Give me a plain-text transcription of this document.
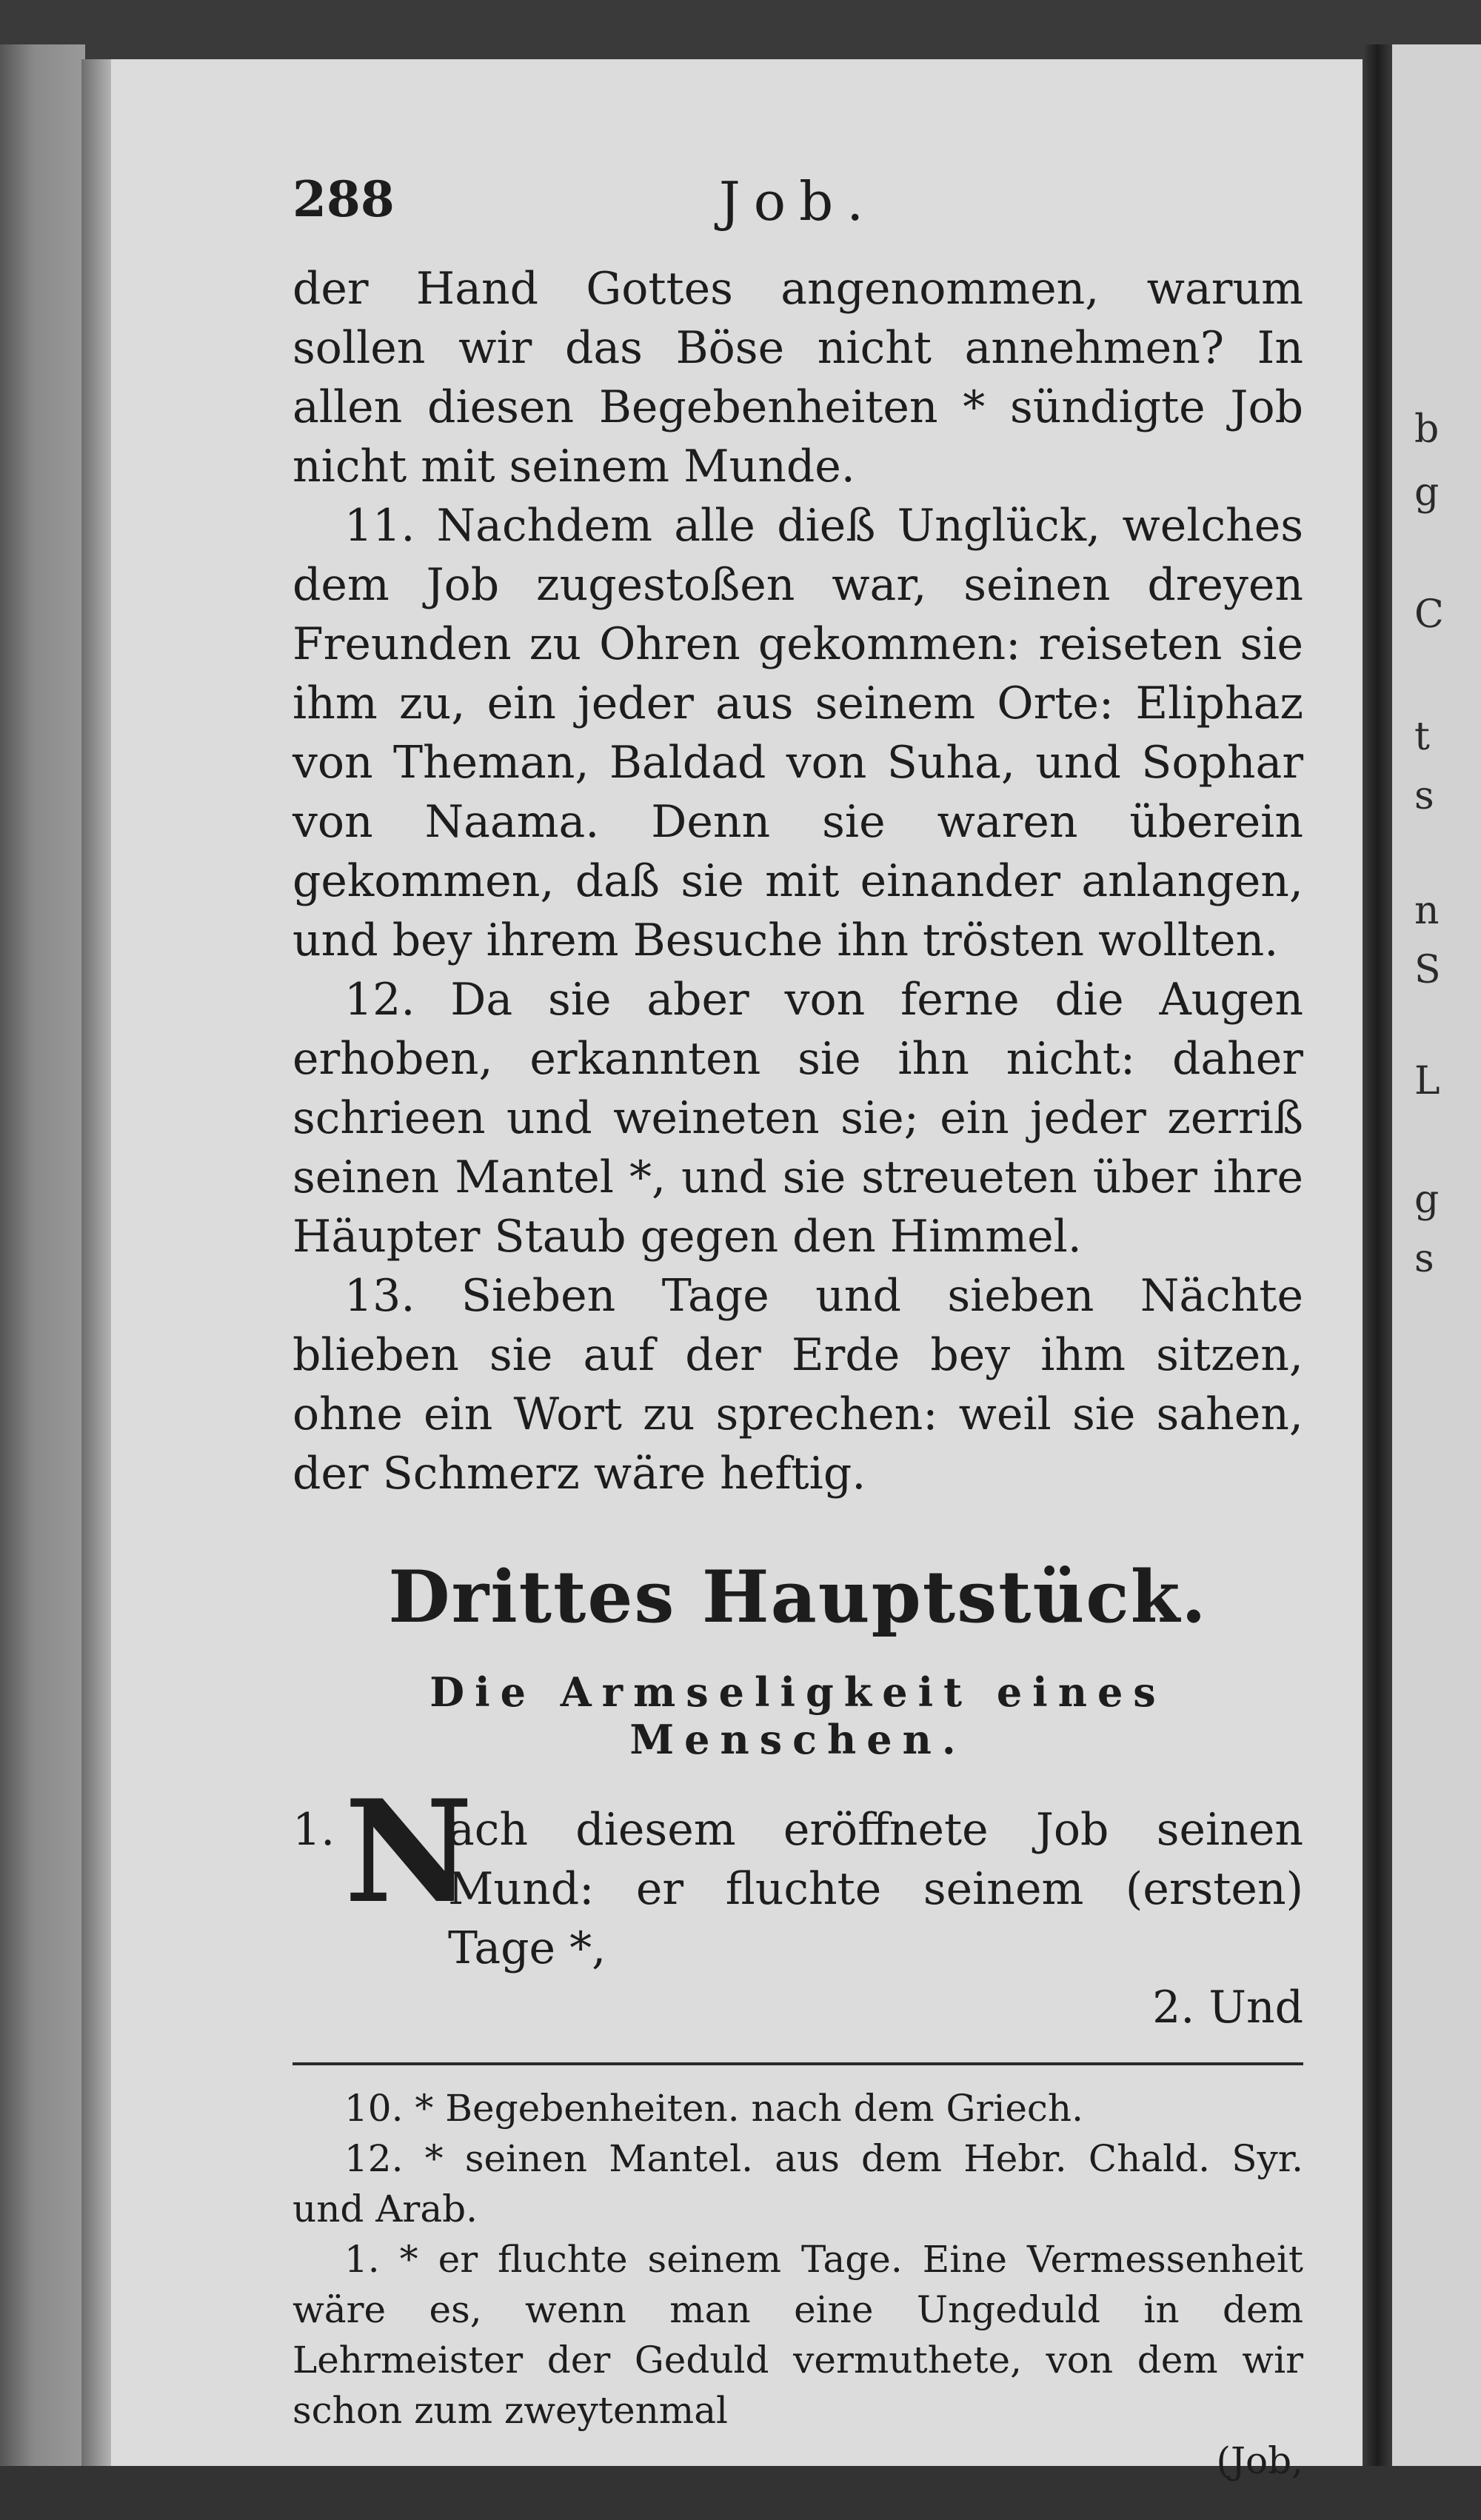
b
g
C
t
s
n
S
L
g
s
288	Job.

der Hand Gottes angenommen, warum sollen wir das Böse nicht annehmen? In allen diesen Begebenheiten * sündigte Job nicht mit seinem Munde.

11. Nachdem alle dieß Unglück, welches dem Job zugestoßen war, seinen dreyen Freunden zu Ohren gekommen: reiseten sie ihm zu, ein jeder aus seinem Orte: Eliphaz von Theman, Baldad von Suha, und Sophar von Naama. Denn sie waren überein gekommen, daß sie mit einander anlangen, und bey ihrem Besuche ihn trösten wollten.

12. Da sie aber von ferne die Augen erhoben, erkannten sie ihn nicht: daher schrieen und weineten sie; ein jeder zerriß seinen Mantel *, und sie streueten über ihre Häupter Staub gegen den Himmel.

13. Sieben Tage und sieben Nächte blieben sie auf der Erde bey ihm sitzen, ohne ein Wort zu sprechen: weil sie sahen, der Schmerz wäre heftig.

Drittes Hauptstück.
Die Armseligkeit eines Menschen.
1. N
ach diesem eröffnete Job seinen Mund: er fluchte seinem (ersten) Tage *,
2. Und

10. * Begebenheiten. nach dem Griech.

12. * seinen Mantel. aus dem Hebr. Chald. Syr. und Arab.

1. * er fluchte seinem Tage. Eine Vermessenheit wäre es, wenn man eine Ungeduld in dem Lehrmeister der Geduld vermuthete, von dem wir schon zum zweytenmal

(Job,
